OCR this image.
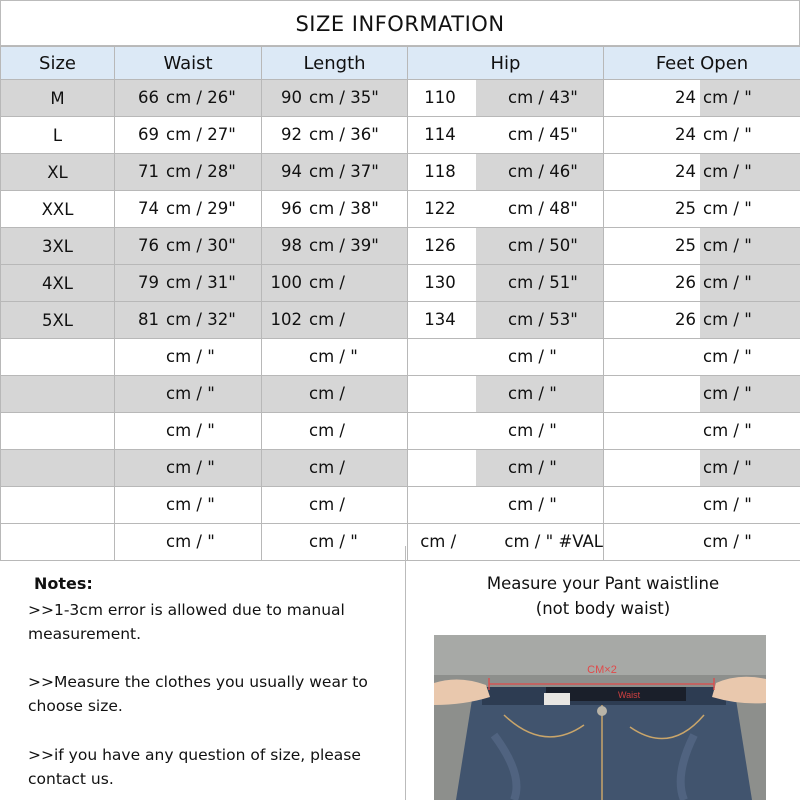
SIZE INFORMATION
Size	Waist	Length	Hip	Feet Open
M	66 cm / 26"	90 cm / 35"	110 cm / 43"	24 cm / "

L	69 cm / 27"	92 cm / 36"	114 cm / 45"	24 cm / "

XL	71 cm / 28"	94 cm / 37"	118 cm / 46"	24 cm / "

XXL	74 cm / 29"	96 cm / 38"	122 cm / 48"	25 cm / "

3XL	76 cm / 30"	98 cm / 39"	126 cm / 50"	25 cm / "

4XL	79 cm / 31"	100 cm /	130 cm / 51"	26 cm / "

5XL	81 cm / 32"	102 cm /	134 cm / 53"	26 cm / "

	cm / "	cm / "	cm / "	cm / "

	cm / "	cm /	cm / "	cm / "

	cm / "	cm /	cm / "	cm / "

	cm / "	cm /	cm / "	cm / "

	cm / "	cm /	cm / "	cm / "

	cm / "	cm / "	cm / cm / " #VAL	cm / "
Notes:

>>1-3cm error is allowed due to manual measurement.

>>Measure the clothes you usually wear to choose size.

>>if you have any question of size, please contact us.

Measure your Pant waistline
(not body waist)
CM×2
Waist
